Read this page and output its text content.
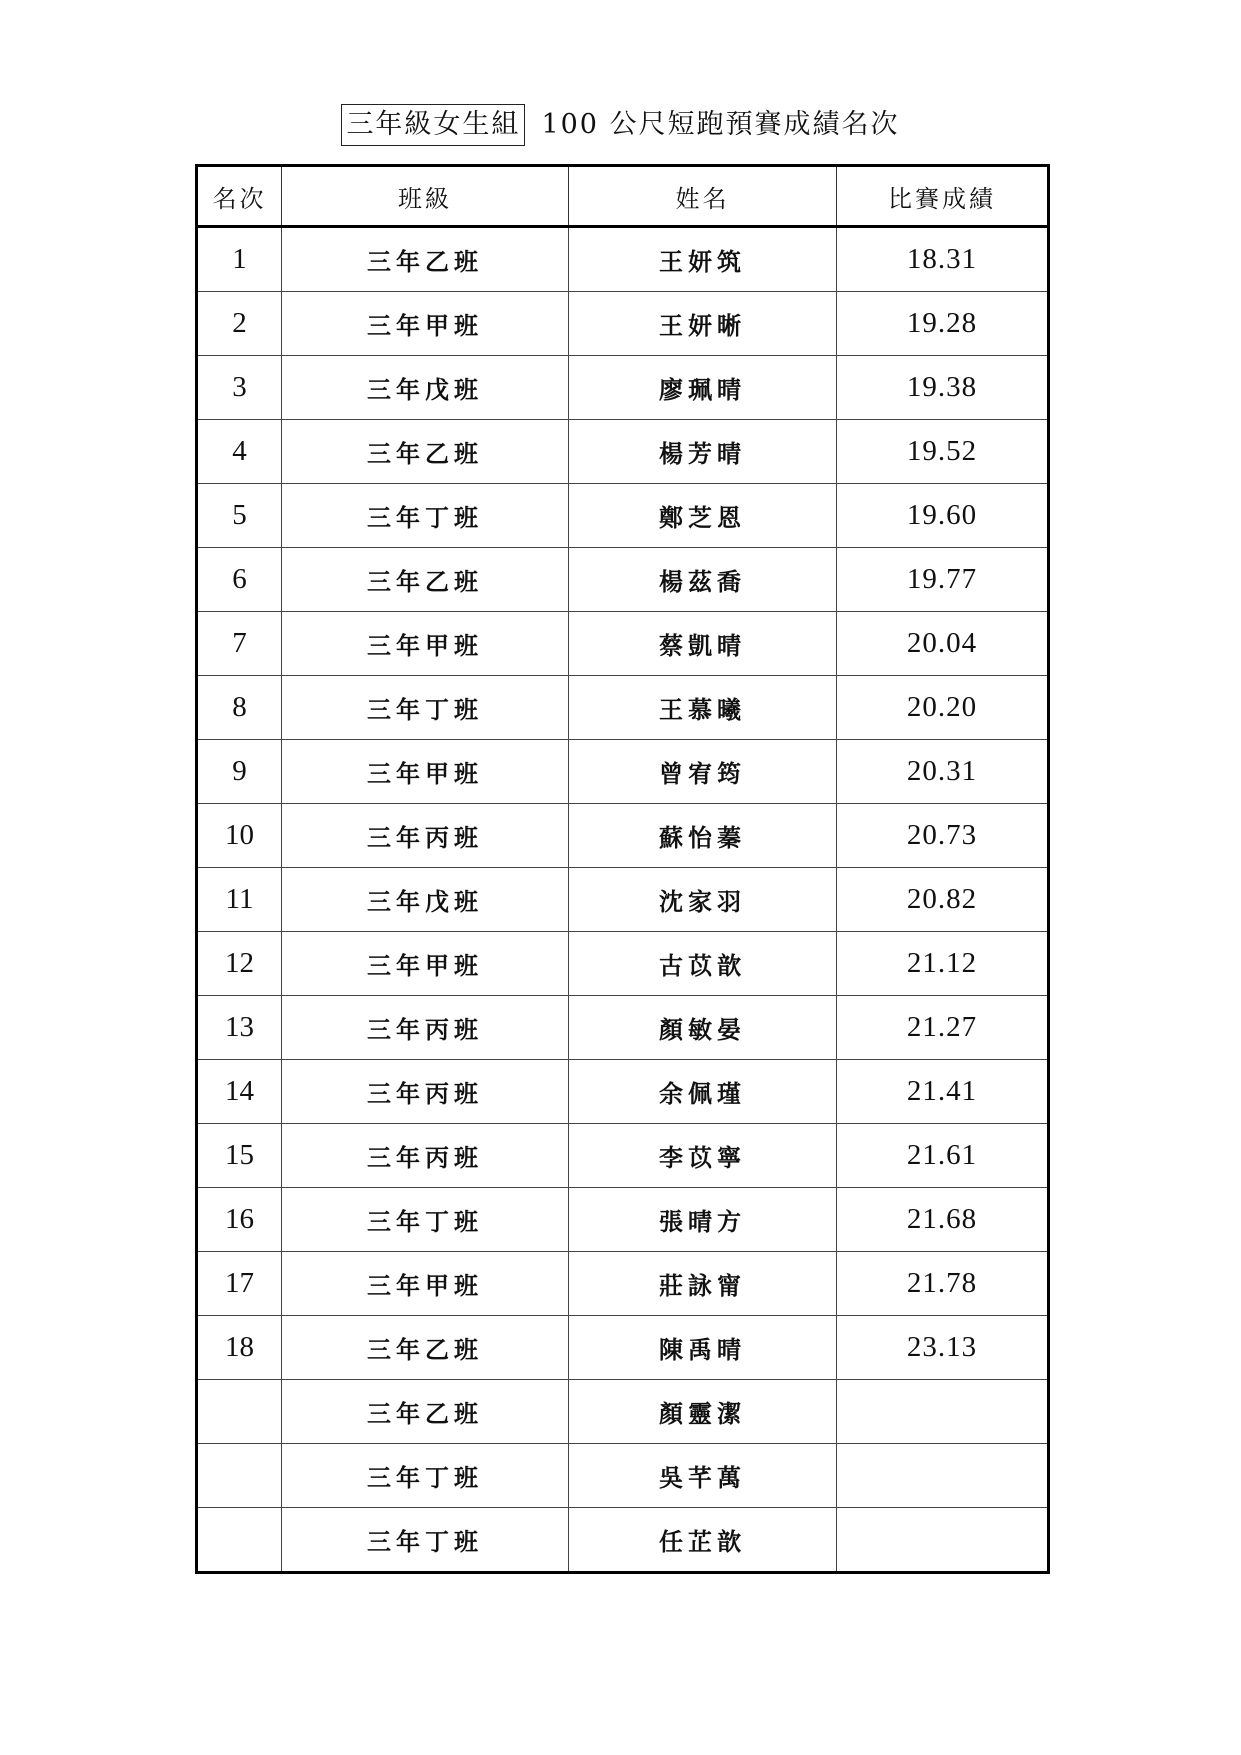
三年級女生組 100 公尺短跑預賽成績名次
名次	班級	姓名	比賽成績
1	三年乙班	王妍筑	18.31
2	三年甲班	王妍晰	19.28
3	三年戊班	廖珮晴	19.38
4	三年乙班	楊芳晴	19.52
5	三年丁班	鄭芝恩	19.60
6	三年乙班	楊茲喬	19.77
7	三年甲班	蔡凱晴	20.04
8	三年丁班	王慕曦	20.20
9	三年甲班	曾宥筠	20.31
10	三年丙班	蘇怡蓁	20.73
11	三年戊班	沈家羽	20.82
12	三年甲班	古苡歆	21.12
13	三年丙班	顏敏晏	21.27
14	三年丙班	余佩瑾	21.41
15	三年丙班	李苡寧	21.61
16	三年丁班	張晴方	21.68
17	三年甲班	莊詠甯	21.78
18	三年乙班	陳禹晴	23.13
	三年乙班	顏靈潔	
	三年丁班	吳芊萬	
	三年丁班	任芷歆	
